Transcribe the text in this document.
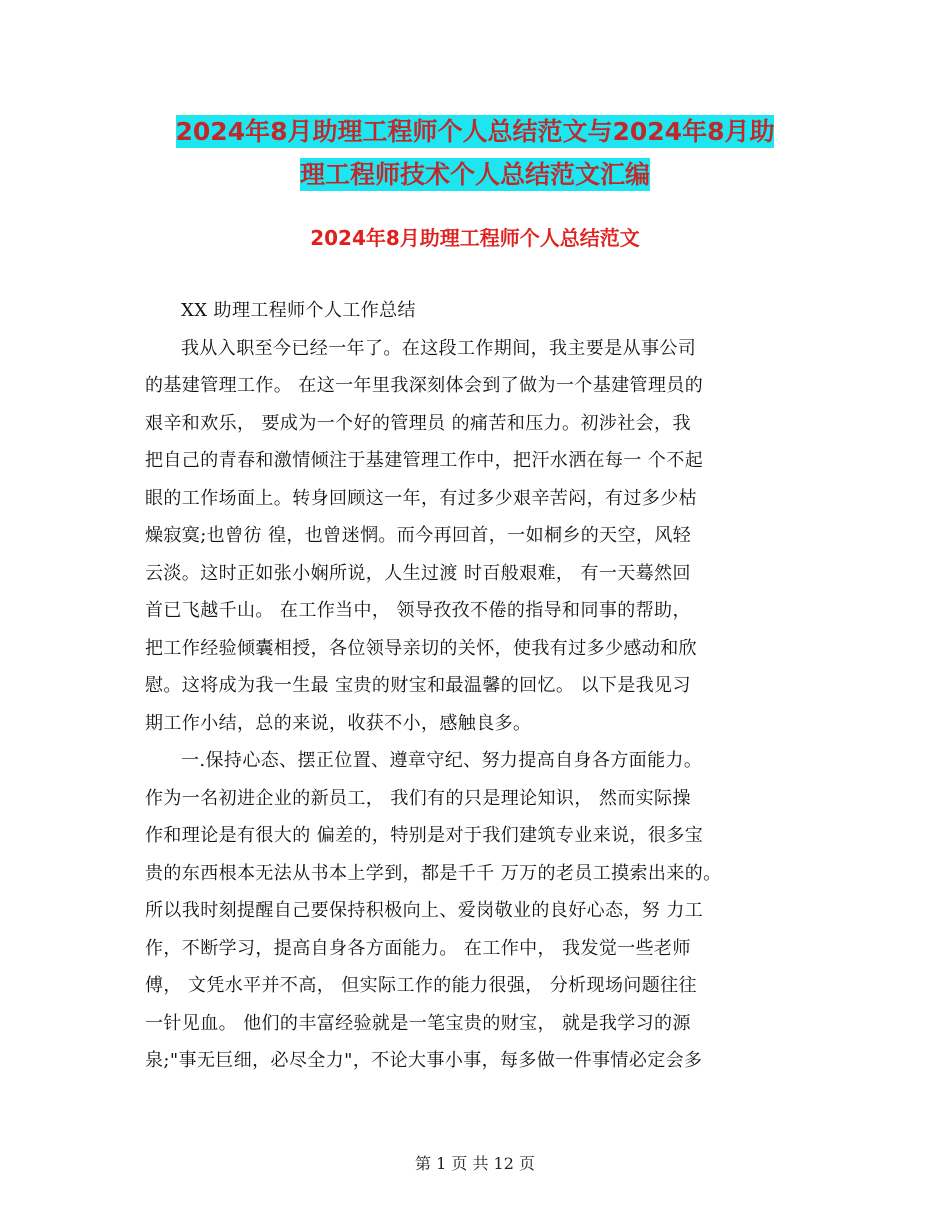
2024年8月助理工程师个人总结范文与2024年8月助
理工程师技术个人总结范文汇编
2024年8月助理工程师个人总结范文

XX 助理工程师个人工作总结

我从入职至今已经一年了。在这段工作期间，我主要是从事公司

的基建管理工作。 在这一年里我深刻体会到了做为一个基建管理员的

艰辛和欢乐， 要成为一个好的管理员 的痛苦和压力。初涉社会，我

把自己的青春和激情倾注于基建管理工作中，把汗水洒在每一 个不起

眼的工作场面上。转身回顾这一年，有过多少艰辛苦闷，有过多少枯

燥寂寞;也曾彷 徨，也曾迷惘。而今再回首，一如桐乡的天空，风轻

云淡。这时正如张小娴所说，人生过渡 时百般艰难， 有一天蓦然回

首已飞越千山。 在工作当中， 领导孜孜不倦的指导和同事的帮助，

把工作经验倾囊相授，各位领导亲切的关怀，使我有过多少感动和欣

慰。这将成为我一生最 宝贵的财宝和最温馨的回忆。 以下是我见习

期工作小结，总的来说，收获不小，感触良多。

一.保持心态、摆正位置、遵章守纪、努力提高自身各方面能力。

作为一名初进企业的新员工， 我们有的只是理论知识， 然而实际操

作和理论是有很大的 偏差的，特别是对于我们建筑专业来说，很多宝

贵的东西根本无法从书本上学到，都是千千 万万的老员工摸索出来的。

所以我时刻提醒自己要保持积极向上、爱岗敬业的良好心态，努 力工

作，不断学习，提高自身各方面能力。 在工作中， 我发觉一些老师

傅， 文凭水平并不高， 但实际工作的能力很强， 分析现场问题往往

一针见血。 他们的丰富经验就是一笔宝贵的财宝， 就是我学习的源

泉;"事无巨细，必尽全力"，不论大事小事，每多做一件事情必定会多

第 1 页 共 12 页
